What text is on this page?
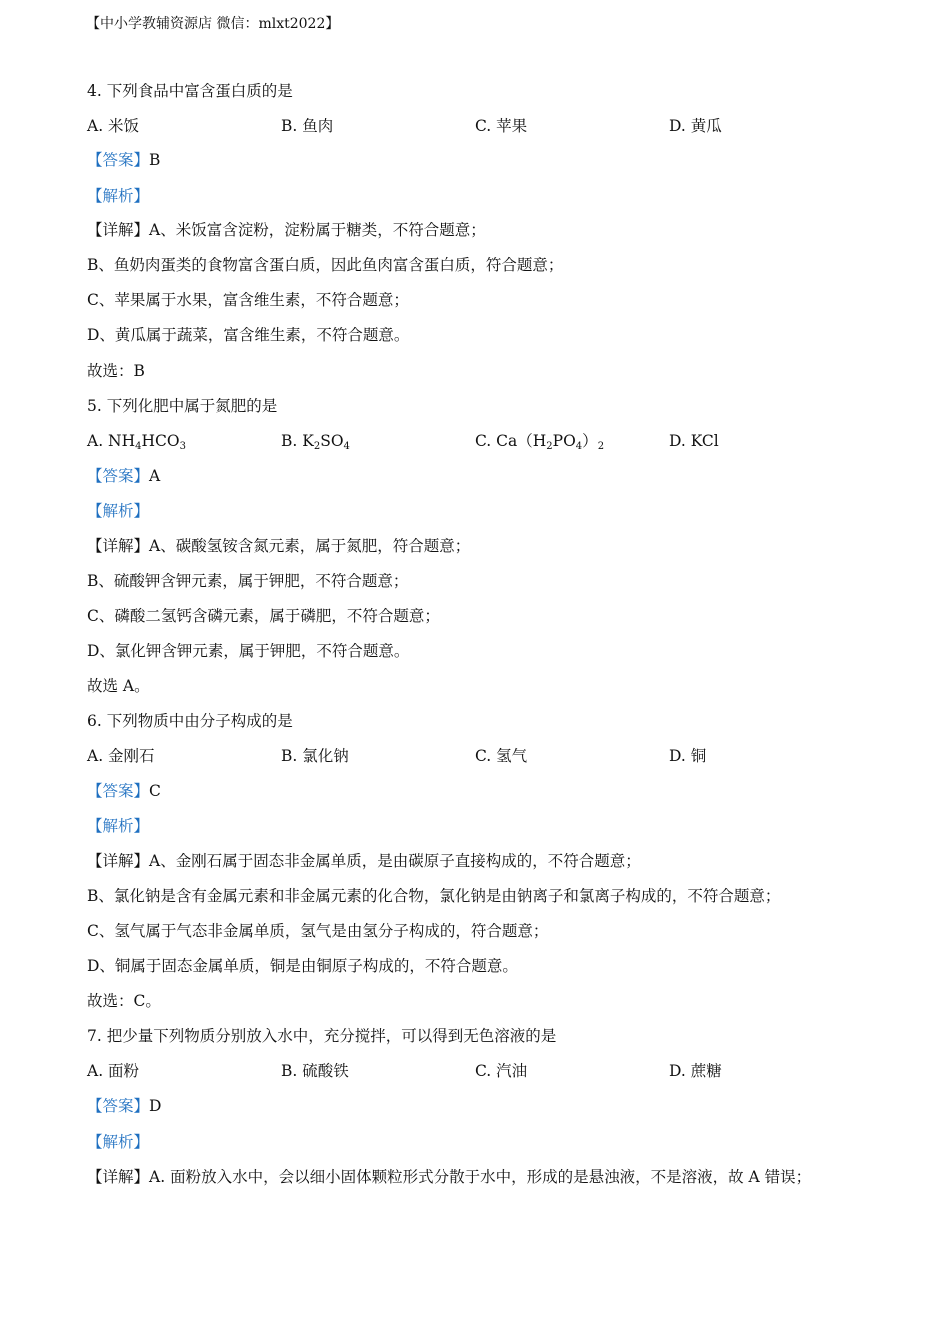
【中小学教辅资源店 微信：mlxt2022】
4. 下列食品中富含蛋白质的是
A. 米饭	B. 鱼肉	C. 苹果	D. 黄瓜
【答案】B
【解析】
【详解】A、米饭富含淀粉，淀粉属于糖类，不符合题意；
B、鱼奶肉蛋类的食物富含蛋白质，因此鱼肉富含蛋白质，符合题意；
C、苹果属于水果，富含维生素，不符合题意；
D、黄瓜属于蔬菜，富含维生素，不符合题意。
故选：B
5. 下列化肥中属于氮肥的是
A. $NH_4HCO_3$	B. $K_2SO_4$	C. $Ca(H_2PO_4)_2$	D. KCl
【答案】A
【解析】
【详解】A、碳酸氢铵含氮元素，属于氮肥，符合题意；
B、硫酸钾含钾元素，属于钾肥，不符合题意；
C、磷酸二氢钙含磷元素，属于磷肥，不符合题意；
D、氯化钾含钾元素，属于钾肥，不符合题意。
故选 A。
6. 下列物质中由分子构成的是
A. 金刚石	B. 氯化钠	C. 氢气	D. 铜
【答案】C
【解析】
【详解】A、金刚石属于固态非金属单质，是由碳原子直接构成的，不符合题意；
B、氯化钠是含有金属元素和非金属元素的化合物，氯化钠是由钠离子和氯离子构成的，不符合题意；
C、氢气属于气态非金属单质，氢气是由氢分子构成的，符合题意；
D、铜属于固态金属单质，铜是由铜原子构成的，不符合题意。
故选：C。
7. 把少量下列物质分别放入水中，充分搅拌，可以得到无色溶液的是
A. 面粉	B. 硫酸铁	C. 汽油	D. 蔗糖
【答案】D
【解析】
【详解】A. 面粉放入水中，会以细小固体颗粒形式分散于水中，形成的是悬浊液，不是溶液，故 A 错误；
